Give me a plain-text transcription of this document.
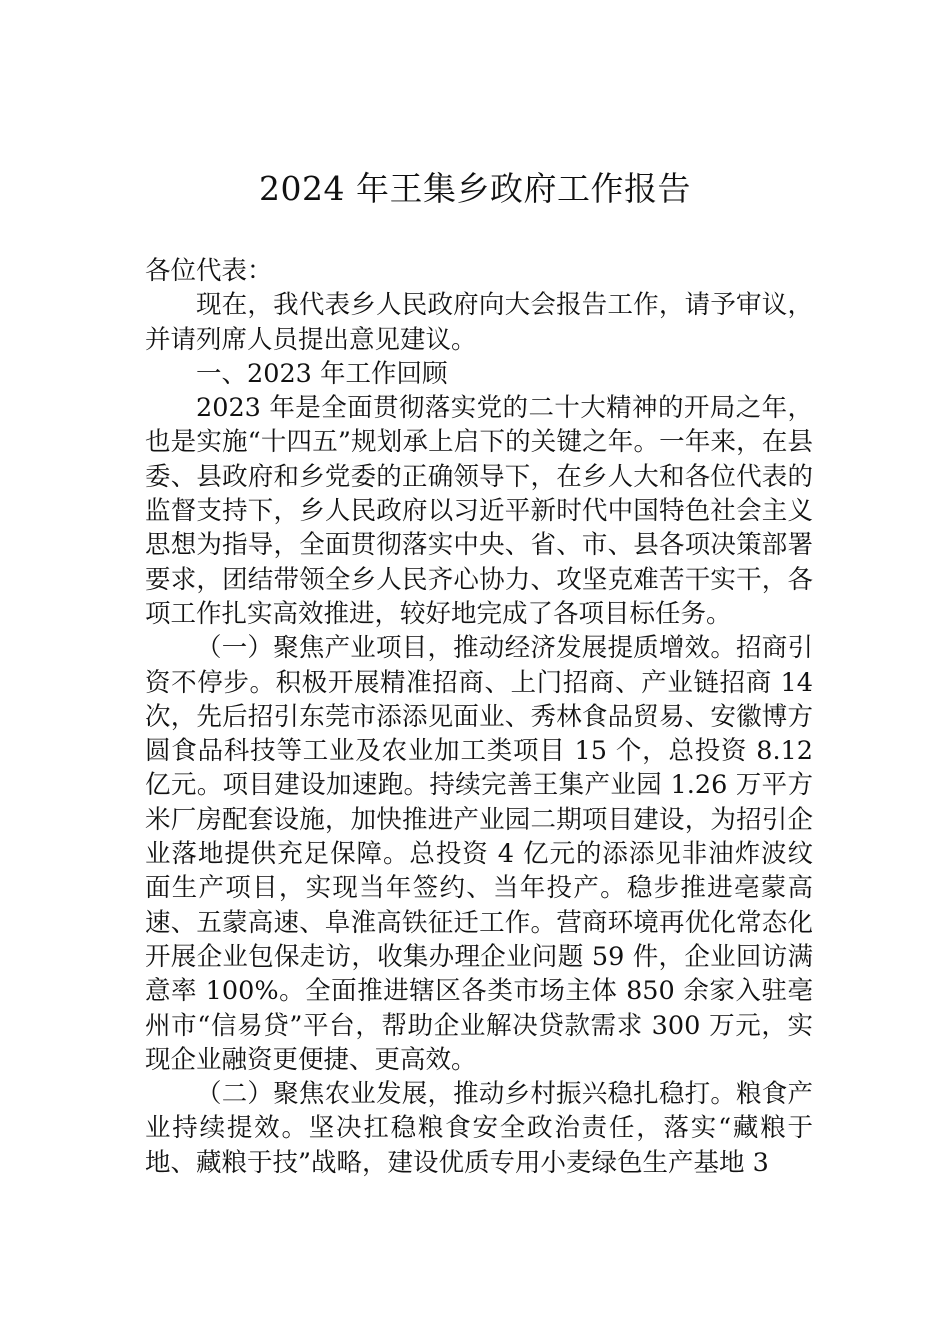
2024 年王集乡政府工作报告

各位代表：

现在，我代表乡人民政府向大会报告工作，请予审议，并请列席人员提出意见建议。

一、2023 年工作回顾

2023 年是全面贯彻落实党的二十大精神的开局之年，也是实施“十四五”规划承上启下的关键之年。一年来，在县委、县政府和乡党委的正确领导下，在乡人大和各位代表的监督支持下，乡人民政府以习近平新时代中国特色社会主义思想为指导，全面贯彻落实中央、省、市、县各项决策部署要求，团结带领全乡人民齐心协力、攻坚克难苦干实干，各项工作扎实高效推进，较好地完成了各项目标任务。

（一）聚焦产业项目，推动经济发展提质增效。招商引资不停步。积极开展精准招商、上门招商、产业链招商 14 次，先后招引东莞市添添见面业、秀林食品贸易、安徽博方圆食品科技等工业及农业加工类项目 15 个，总投资 8.12 亿元。项目建设加速跑。持续完善王集产业园 1.26 万平方米厂房配套设施，加快推进产业园二期项目建设，为招引企业落地提供充足保障。总投资 4 亿元的添添见非油炸波纹面生产项目，实现当年签约、当年投产。稳步推进亳蒙高速、五蒙高速、阜淮高铁征迁工作。营商环境再优化常态化开展企业包保走访，收集办理企业问题 59 件，企业回访满意率 100%。全面推进辖区各类市场主体 850 余家入驻亳州市“信易贷”平台，帮助企业解决贷款需求 300 万元，实现企业融资更便捷、更高效。

（二）聚焦农业发展，推动乡村振兴稳扎稳打。粮食产业持续提效。坚决扛稳粮食安全政治责任，落实“藏粮于地、藏粮于技”战略，建设优质专用小麦绿色生产基地 3
